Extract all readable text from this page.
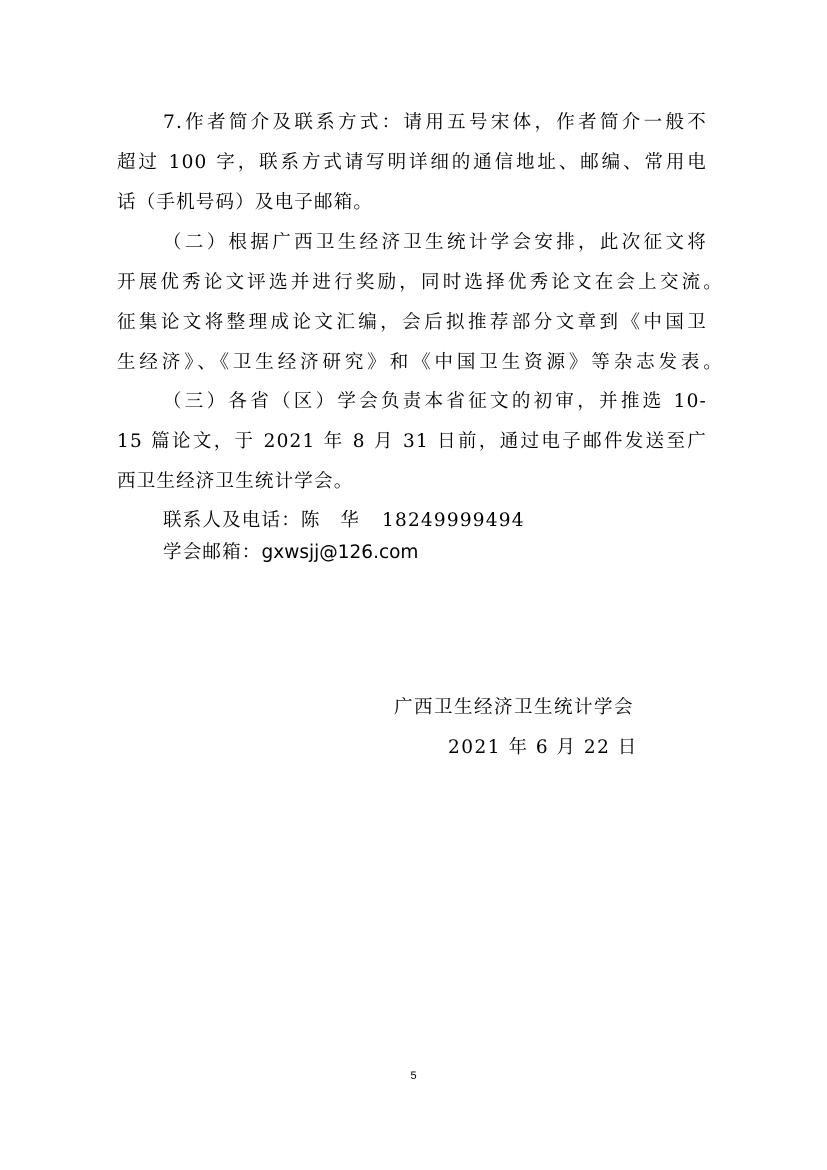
7.作者简介及联系方式：请用五号宋体，作者简介一般不
超过 100 字，联系方式请写明详细的通信地址、邮编、常用电
话（手机号码）及电子邮箱。
（二）根据广西卫生经济卫生统计学会安排，此次征文将
开展优秀论文评选并进行奖励，同时选择优秀论文在会上交流。
征集论文将整理成论文汇编，会后拟推荐部分文章到《中国卫
生经济》、《卫生经济研究》和《中国卫生资源》等杂志发表。
（三）各省（区）学会负责本省征文的初审，并推选 10-
15 篇论文，于 2021 年 8 月 31 日前，通过电子邮件发送至广
西卫生经济卫生统计学会。
联系人及电话：陈　华 18249999494
学会邮箱：gxwsjj@126.com
广西卫生经济卫生统计学会
2021 年 6 月 22 日
5
